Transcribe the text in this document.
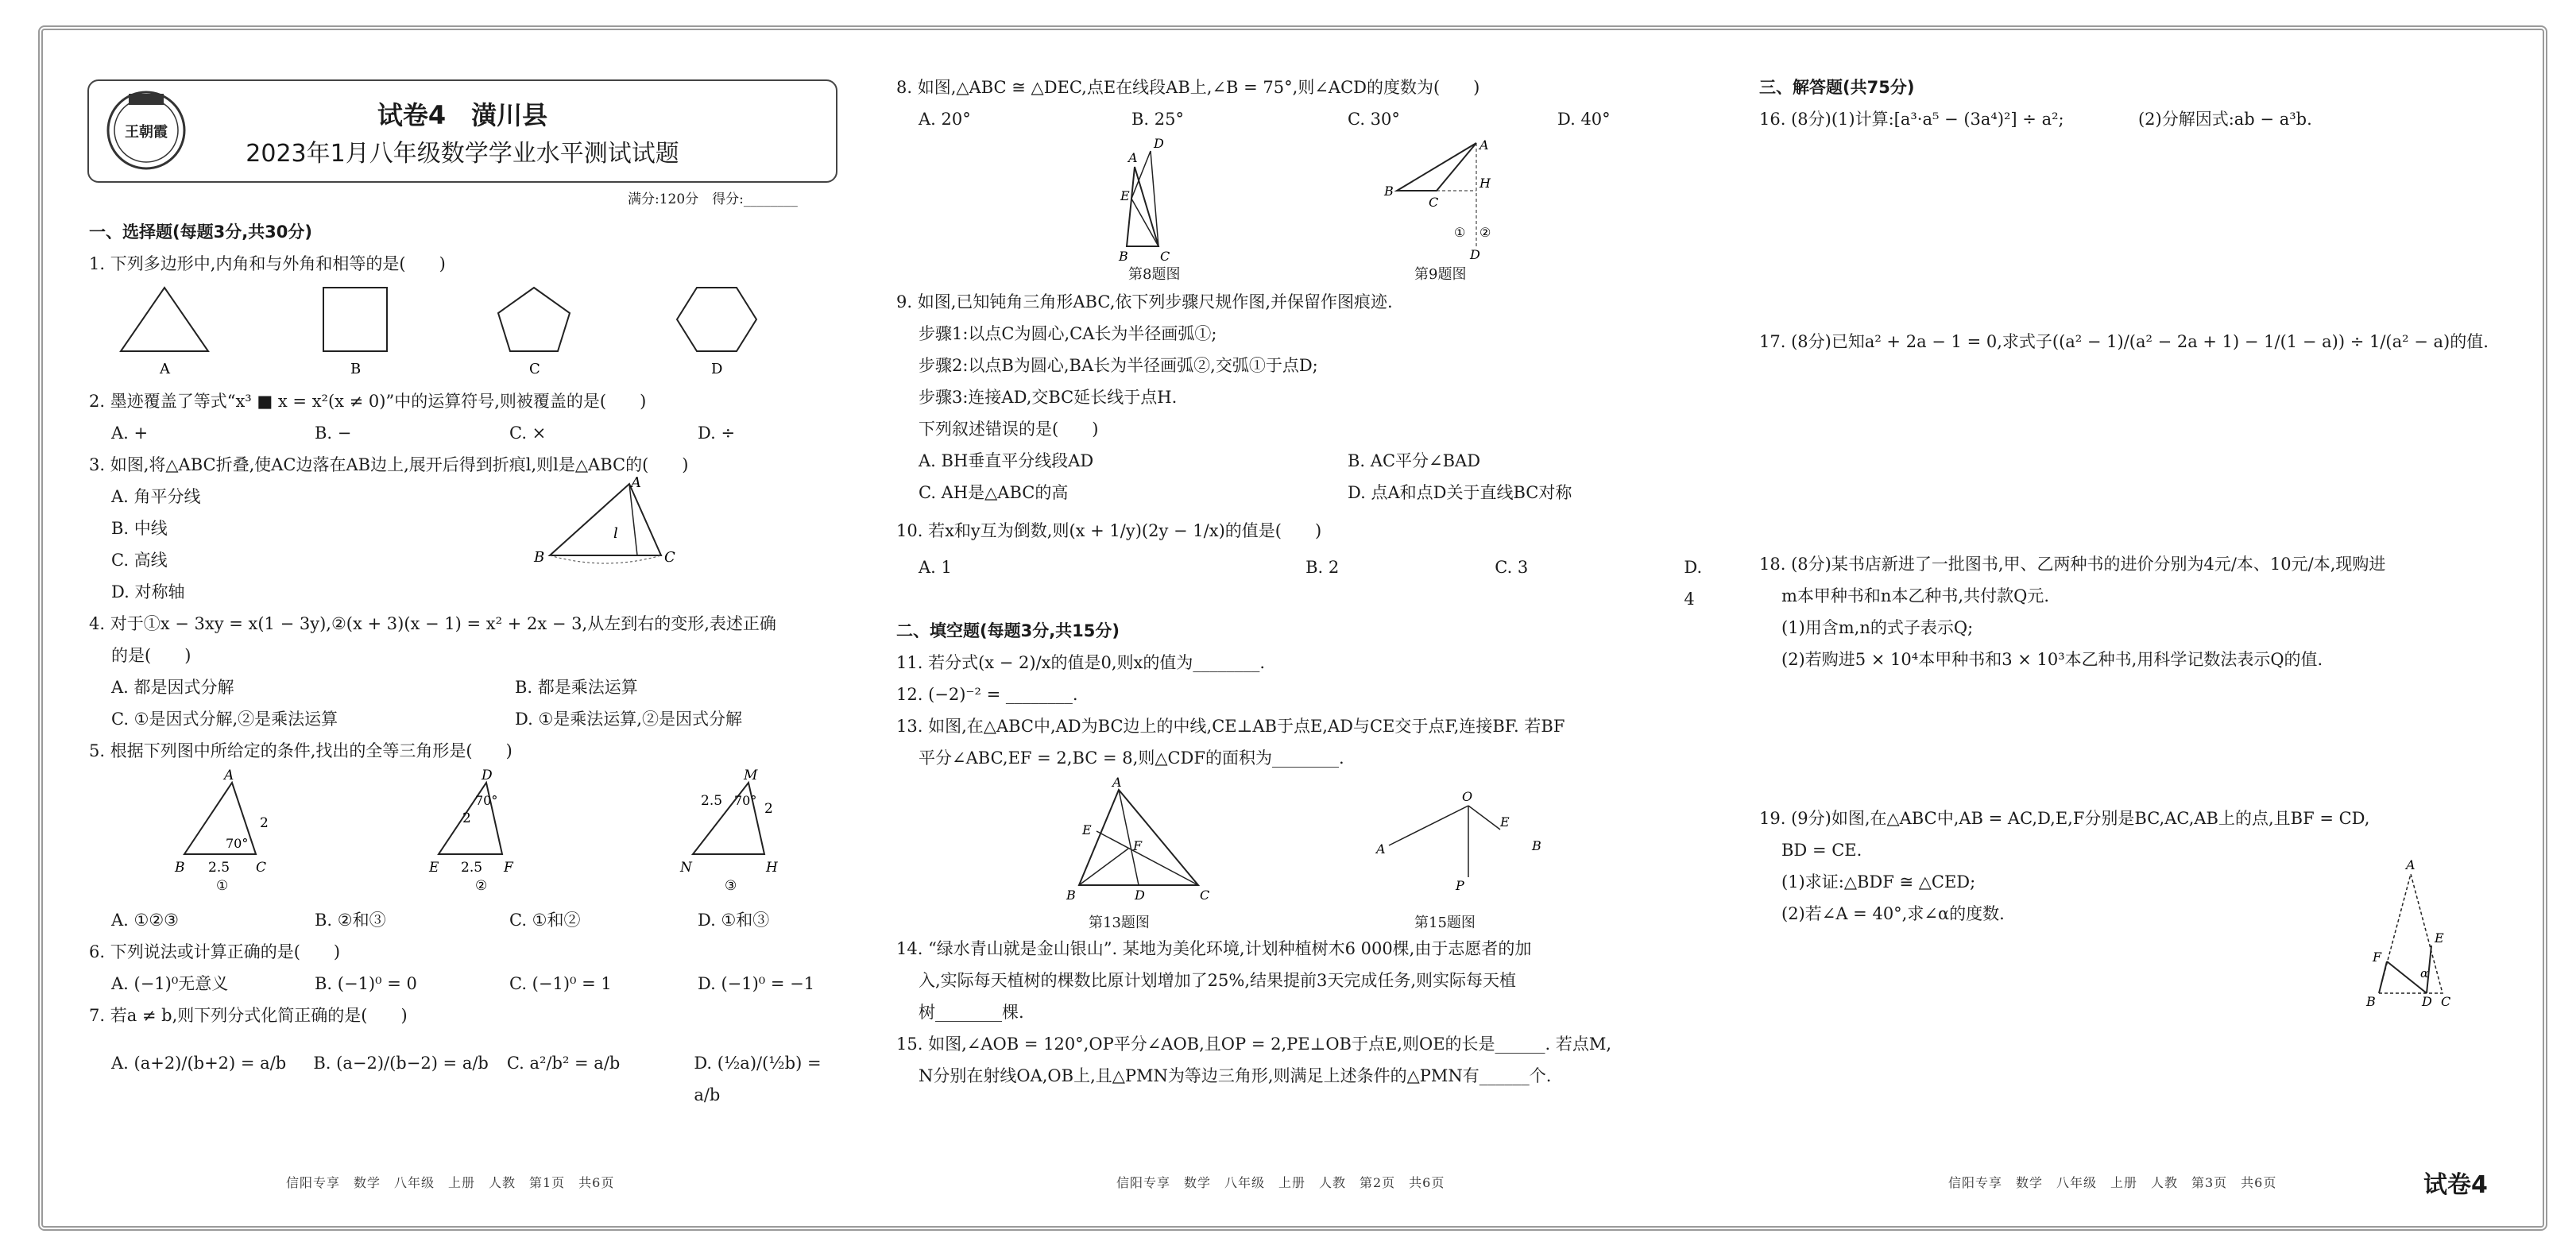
王朝霞
试卷4　潢川县
2023年1月八年级数学学业水平测试试题
满分:120分　得分:________

一、选择题(每题3分,共30分)

1. 下列多边形中,内角和与外角和相等的是(　　)

A	B	C	D

2. 墨迹覆盖了等式“x³ ■ x = x²(x ≠ 0)”中的运算符号,则被覆盖的是(　　)

A. +	B. −	C. ×	D. ÷

3. 如图,将△ABC折叠,使AC边落在AB边上,展开后得到折痕l,则l是△ABC的(　　)

A. 角平分线

B. 中线

C. 高线

D. 对称轴

B	C
A
l

4. 对于①x − 3xy = x(1 − 3y),②(x + 3)(x − 1) = x² + 2x − 3,从左到右的变形,表述正确

的是(　　)

A. 都是因式分解	B. 都是乘法运算
C. ①是因式分解,②是乘法运算	D. ①是乘法运算,②是因式分解

5. 根据下列图中所给定的条件,找出的全等三角形是(　　)

A
B	C
2.5
2
70°
①
D
E	F
2.5
70°
2
②
M
N	H
2.5 70°
2
③
A. ①②③	B. ②和③	C. ①和②	D. ①和③

6. 下列说法或计算正确的是(　　)

A. (−1)⁰无意义	B. (−1)⁰ = 0	C. (−1)⁰ = 1	D. (−1)⁰ = −1

7. 若a ≠ b,则下列分式化简正确的是(　　)

A. (a+2)/(b+2) = a/b	B. (a−2)/(b−2) = a/b	C. a²/b² = a/b	D. (½a)/(½b) = a/b
信阳专享　数学　八年级　上册　人教　第1页　共6页

8. 如图,△ABC ≅ △DEC,点E在线段AB上,∠B = 75°,则∠ACD的度数为(　　)

A. 20°	B. 25°	C. 30°	D. 40°
B	C
A
D
E
第8题图
B
C
A
H
D
① ②
第9题图

9. 如图,已知钝角三角形ABC,依下列步骤尺规作图,并保留作图痕迹.

步骤1:以点C为圆心,CA长为半径画弧①;

步骤2:以点B为圆心,BA长为半径画弧②,交弧①于点D;

步骤3:连接AD,交BC延长线于点H.

下列叙述错误的是(　　)

A. BH垂直平分线段AD	B. AC平分∠BAD
C. AH是△ABC的高	D. 点A和点D关于直线BC对称

10. 若x和y互为倒数,则(x + 1/y)(2y − 1/x)的值是(　　)

A. 1	B. 2	C. 3	D. 4

二、填空题(每题3分,共15分)

11. 若分式(x − 2)/x的值是0,则x的值为________.

12. (−2)⁻² = ________.

13. 如图,在△ABC中,AD为BC边上的中线,CE⊥AB于点E,AD与CE交于点F,连接BF. 若BF

平分∠ABC,EF = 2,BC = 8,则△CDF的面积为________.

B	D	C
A
E
F
第13题图
O
A
P
E
B
第15题图

14. “绿水青山就是金山银山”. 某地为美化环境,计划种植树木6 000棵,由于志愿者的加

入,实际每天植树的棵数比原计划增加了25%,结果提前3天完成任务,则实际每天植

树________棵.

15. 如图,∠AOB = 120°,OP平分∠AOB,且OP = 2,PE⊥OB于点E,则OE的长是______. 若点M,

N分别在射线OA,OB上,且△PMN为等边三角形,则满足上述条件的△PMN有______个.

信阳专享　数学　八年级　上册　人教　第2页　共6页

三、解答题(共75分)

16. (8分)(1)计算:[a³·a⁵ − (3a⁴)²] ÷ a²;	(2)分解因式:ab − a³b.

17. (8分)已知a² + 2a − 1 = 0,求式子((a² − 1)/(a² − 2a + 1) − 1/(1 − a)) ÷ 1/(a² − a)的值.

18. (8分)某书店新进了一批图书,甲、乙两种书的进价分别为4元/本、10元/本,现购进

m本甲种书和n本乙种书,共付款Q元.

(1)用含m,n的式子表示Q;

(2)若购进5 × 10⁴本甲种书和3 × 10³本乙种书,用科学记数法表示Q的值.

19. (9分)如图,在△ABC中,AB = AC,D,E,F分别是BC,AC,AB上的点,且BF = CD,

BD = CE.

(1)求证:△BDF ≅ △CED;

(2)若∠A = 40°,求∠α的度数.

A
B	D C
E
F
α
信阳专享　数学　八年级　上册　人教　第3页　共6页	试卷4
